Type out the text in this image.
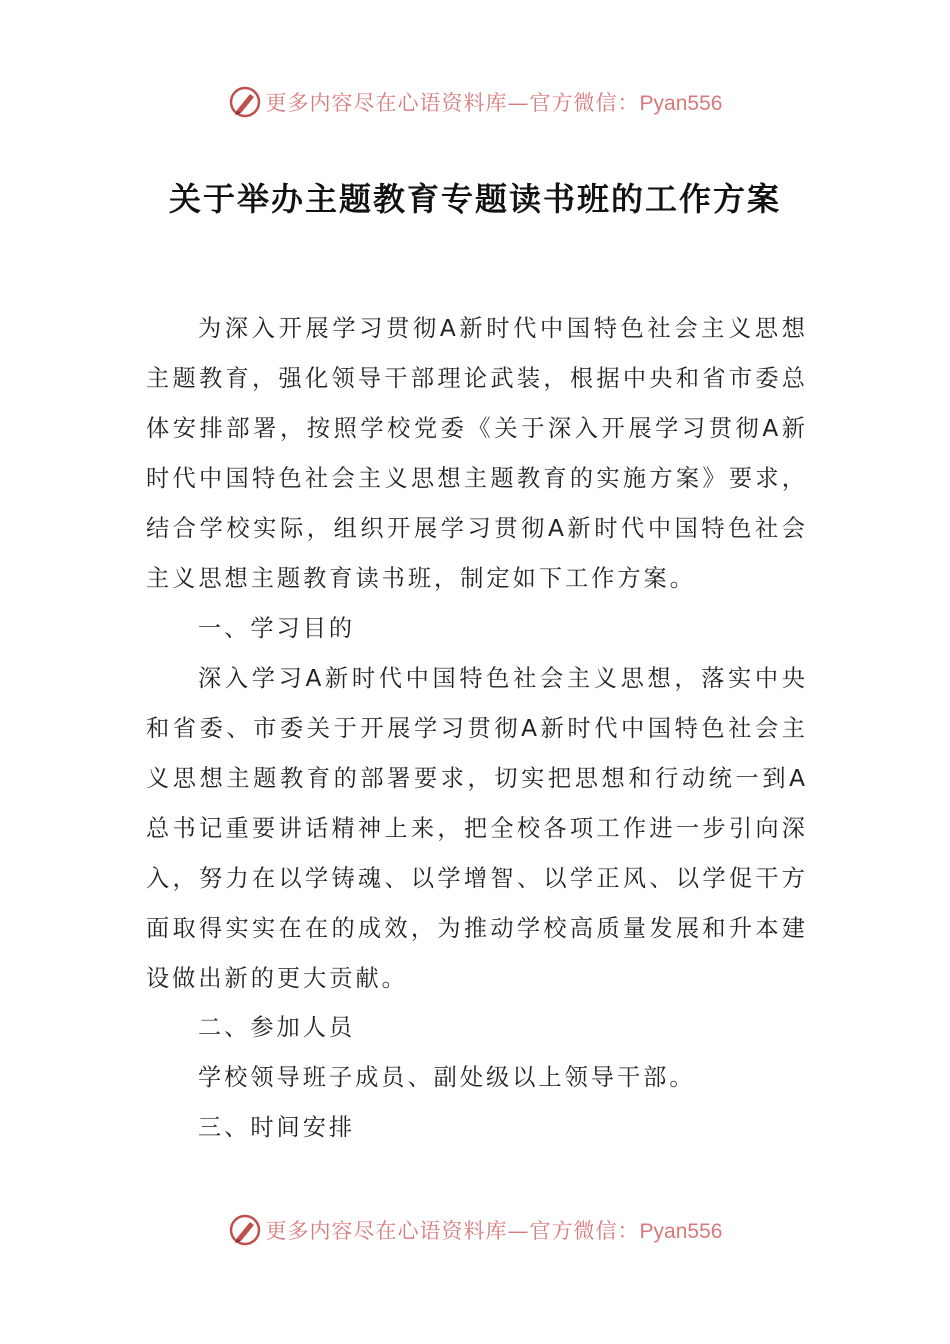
更多内容尽在心语资料库—官方微信：Pyan556
关于举办主题教育专题读书班的工作方案

为深入开展学习贯彻A新时代中国特色社会主义思想主题教育，强化领导干部理论武装，根据中央和省市委总体安排部署，按照学校党委《关于深入开展学习贯彻A新时代中国特色社会主义思想主题教育的实施方案》要求，结合学校实际，组织开展学习贯彻A新时代中国特色社会主义思想主题教育读书班，制定如下工作方案。

一、学习目的

深入学习A新时代中国特色社会主义思想，落实中央和省委、市委关于开展学习贯彻A新时代中国特色社会主义思想主题教育的部署要求，切实把思想和行动统一到A总书记重要讲话精神上来，把全校各项工作进一步引向深入，努力在以学铸魂、以学增智、以学正风、以学促干方面取得实实在在的成效，为推动学校高质量发展和升本建设做出新的更大贡献。

二、参加人员

学校领导班子成员、副处级以上领导干部。

三、时间安排

更多内容尽在心语资料库—官方微信：Pyan556
